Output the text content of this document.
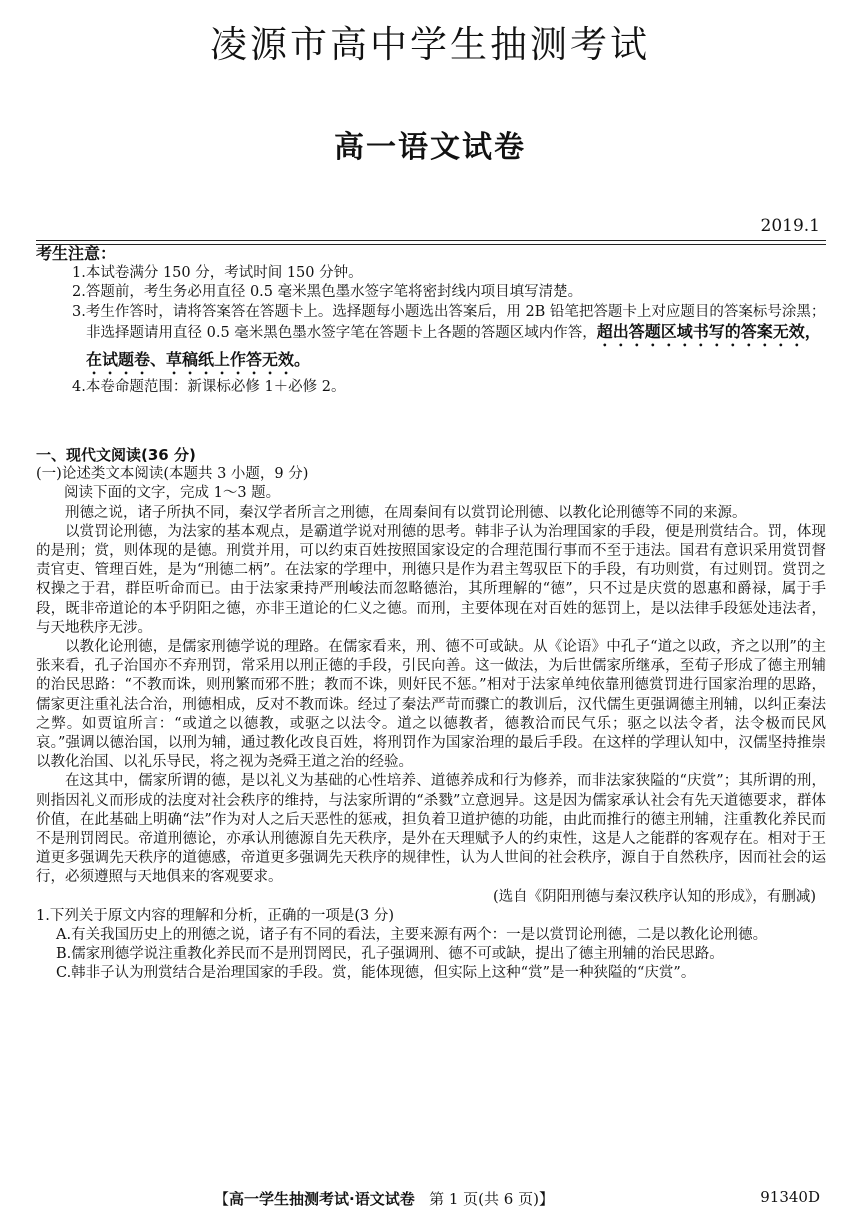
凌源市高中学生抽测考试
高一语文试卷
2019.1
考生注意：
1.本试卷满分 150 分，考试时间 150 分钟。
2.答题前，考生务必用直径 0.5 毫米黑色墨水签字笔将密封线内项目填写清楚。
3.考生作答时，请将答案答在答题卡上。选择题每小题选出答案后，用 2B 铅笔把答题卡上对应题目的答案标号涂黑；非选择题请用直径 0.5 毫米黑色墨水签字笔在答题卡上各题的答题区域内作答，超出答题区域书写的答案无效，在试题卷、草稿纸上作答无效。
4.本卷命题范围：新课标必修 1＋必修 2。
一、现代文阅读(36 分)
(一)论述类文本阅读(本题共 3 小题，9 分)
阅读下面的文字，完成 1～3 题。
刑德之说，诸子所执不同，秦汉学者所言之刑德，在周秦间有以赏罚论刑德、以教化论刑德等不同的来源。
以赏罚论刑德，为法家的基本观点，是霸道学说对刑德的思考。韩非子认为治理国家的手段，便是刑赏结合。罚，体现的是刑；赏，则体现的是德。刑赏并用，可以约束百姓按照国家设定的合理范围行事而不至于违法。国君有意识采用赏罚督责官吏、管理百姓，是为“刑德二柄”。在法家的学理中，刑德只是作为君主驾驭臣下的手段，有功则赏，有过则罚。赏罚之权操之于君，群臣听命而已。由于法家秉持严刑峻法而忽略德治，其所理解的“德”，只不过是庆赏的恩惠和爵禄，属于手段，既非帝道论的本乎阴阳之德，亦非王道论的仁义之德。而刑，主要体现在对百姓的惩罚上，是以法律手段惩处违法者，与天地秩序无涉。
以教化论刑德，是儒家刑德学说的理路。在儒家看来，刑、德不可或缺。从《论语》中孔子“道之以政，齐之以刑”的主张来看，孔子治国亦不弃刑罚，常采用以刑正德的手段，引民向善。这一做法，为后世儒家所继承，至荀子形成了德主刑辅的治民思路：“不教而诛，则刑繁而邪不胜；教而不诛，则奸民不惩。”相对于法家单纯依靠刑德赏罚进行国家治理的思路，儒家更注重礼法合治，刑德相成，反对不教而诛。经过了秦法严苛而骤亡的教训后，汉代儒生更强调德主刑辅，以纠正秦法之弊。如贾谊所言：“或道之以德教，或驱之以法令。道之以德教者，德教洽而民气乐；驱之以法令者，法令极而民风哀。”强调以德治国，以刑为辅，通过教化改良百姓，将刑罚作为国家治理的最后手段。在这样的学理认知中，汉儒坚持推崇以教化治国、以礼乐导民，将之视为尧舜王道之治的经验。
在这其中，儒家所谓的德，是以礼义为基础的心性培养、道德养成和行为修养，而非法家狭隘的“庆赏”；其所谓的刑，则指因礼义而形成的法度对社会秩序的维持，与法家所谓的“杀戮”立意迥异。这是因为儒家承认社会有先天道德要求，群体价值，在此基础上明确“法”作为对人之后天恶性的惩戒，担负着卫道护德的功能，由此而推行的德主刑辅，注重教化养民而不是刑罚罔民。帝道刑德论，亦承认刑德源自先天秩序，是外在天理赋予人的约束性，这是人之能群的客观存在。相对于王道更多强调先天秩序的道德感，帝道更多强调先天秩序的规律性，认为人世间的社会秩序，源自于自然秩序，因而社会的运行，必须遵照与天地俱来的客观要求。
(选自《阴阳刑德与秦汉秩序认知的形成》，有删减)
1.下列关于原文内容的理解和分析，正确的一项是(3 分)
A.有关我国历史上的刑德之说，诸子有不同的看法，主要来源有两个：一是以赏罚论刑德，二是以教化论刑德。
B.儒家刑德学说注重教化养民而不是刑罚罔民，孔子强调刑、德不可或缺，提出了德主刑辅的治民思路。
C.韩非子认为刑赏结合是治理国家的手段。赏，能体现德，但实际上这种“赏”是一种狭隘的“庆赏”。
【高一学生抽测考试·语文试卷 第 1 页(共 6 页)】	91340D
